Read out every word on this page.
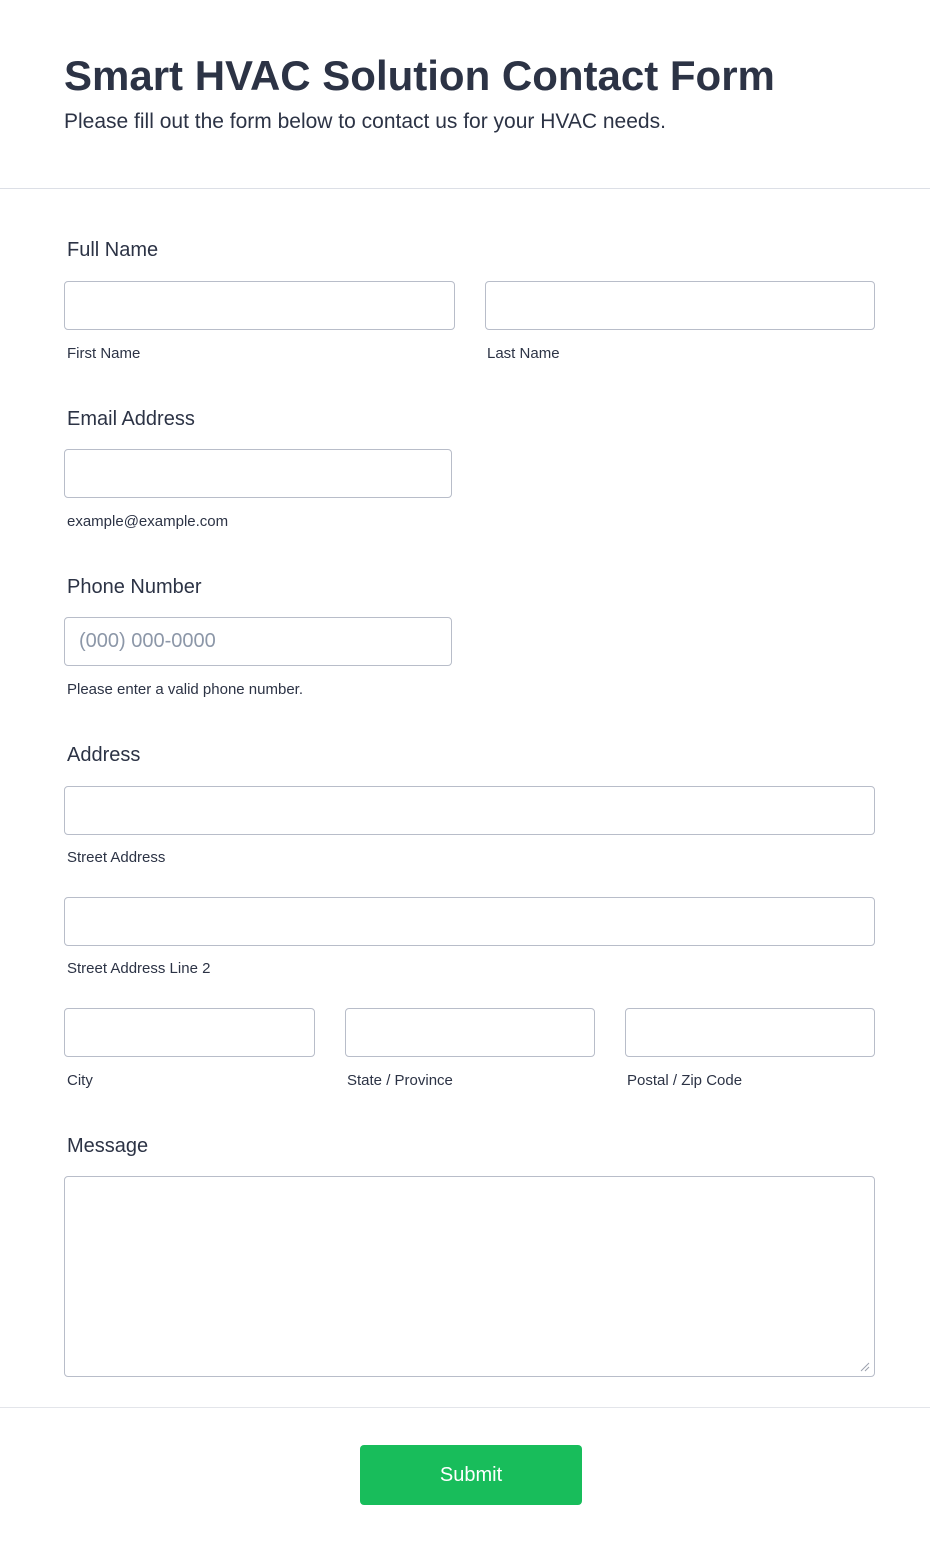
Smart HVAC Solution Contact Form

Please fill out the form below to contact us for your HVAC needs.

Full Name
First Name	Last Name
Email Address
example@example.com
Phone Number
(000) 000-0000
Please enter a valid phone number.
Address
Street Address
Street Address Line 2
City	State / Province	Postal / Zip Code
Message
Submit
